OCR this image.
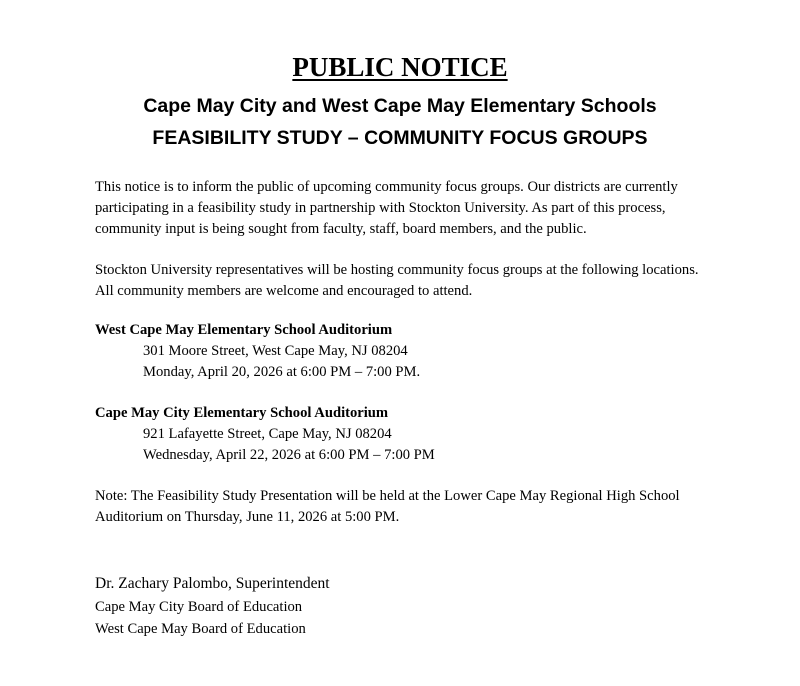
PUBLIC NOTICE
Cape May City and West Cape May Elementary Schools
FEASIBILITY STUDY – COMMUNITY FOCUS GROUPS
This notice is to inform the public of upcoming community focus groups. Our districts are currently
participating in a feasibility study in partnership with Stockton University. As part of this process,
community input is being sought from faculty, staff, board members, and the public.
Stockton University representatives will be hosting community focus groups at the following locations.
All community members are welcome and encouraged to attend.
West Cape May Elementary School Auditorium
301 Moore Street, West Cape May, NJ 08204
Monday, April 20, 2026 at 6:00 PM – 7:00 PM.
Cape May City Elementary School Auditorium
921 Lafayette Street, Cape May, NJ 08204
Wednesday, April 22, 2026 at 6:00 PM – 7:00 PM
Note: The Feasibility Study Presentation will be held at the Lower Cape May Regional High School
Auditorium on Thursday, June 11, 2026 at 5:00 PM.
Dr. Zachary Palombo, Superintendent
Cape May City Board of Education
West Cape May Board of Education
